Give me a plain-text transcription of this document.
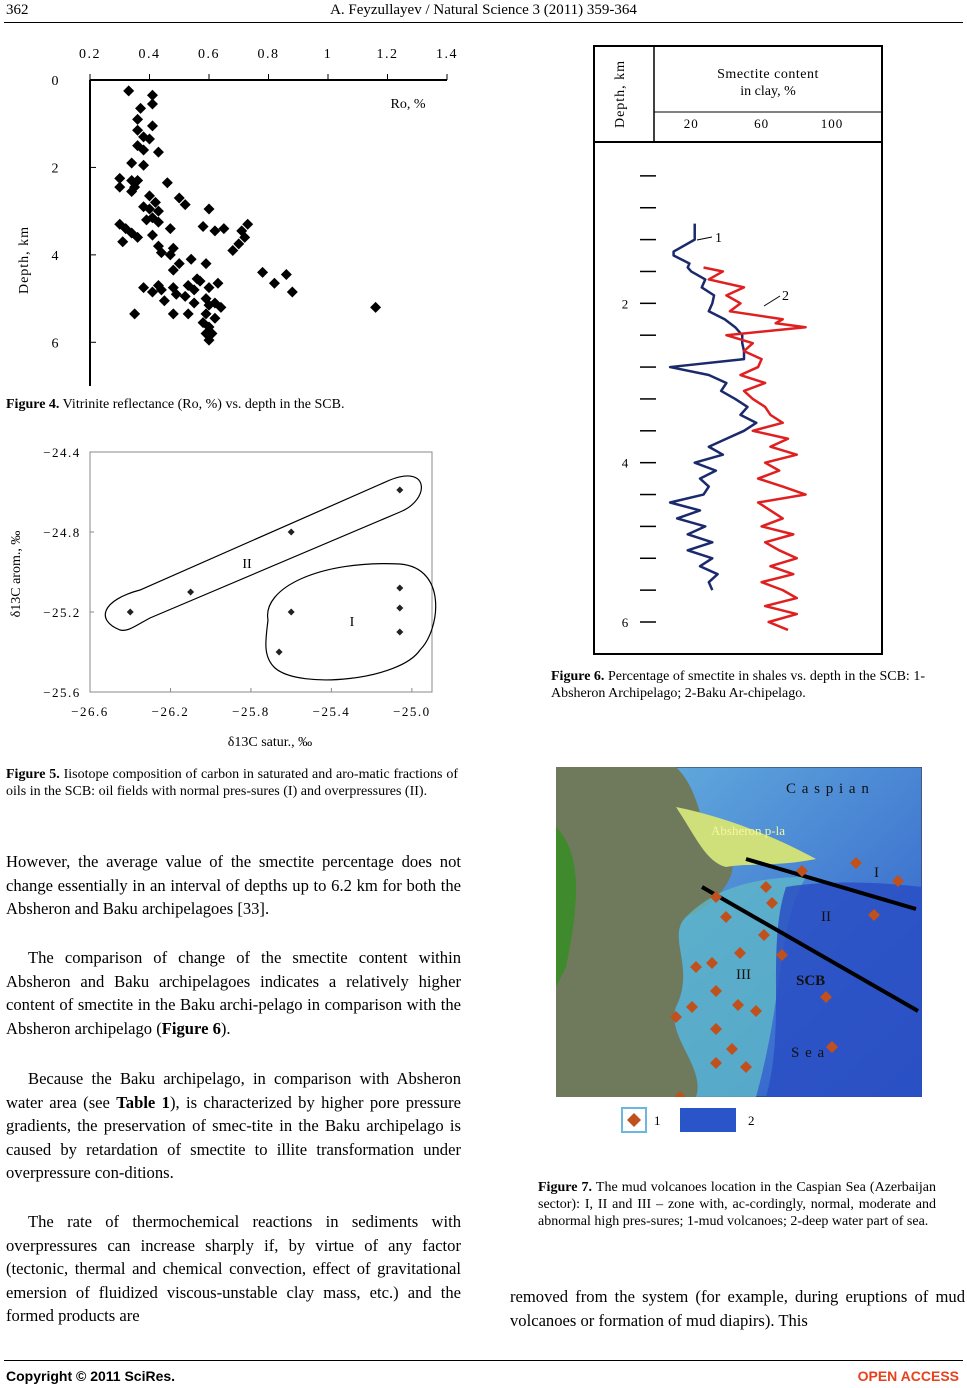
362	A. Feyzullayev / Natural Science 3 (2011) 359-364
0.2	0.4	0.6	0.8	1	1.2	1.4
0
2
4
6
Ro, %
Depth, km
Figure 4. Vitrinite reflectance (Ro, %) vs. depth in the SCB.
−26.6	−26.2	−25.8	−25.4	−25.0
−24.4
−24.8
−25.2
−25.6
δ13C satur., ‰
δ13C arom., ‰	II
I
Figure 5. Iisotope composition of carbon in saturated and aro-matic fractions of oils in the SCB: oil fields with normal pres-sures (I) and overpressures (II).
However, the average value of the smectite percentage does not change essentially in an interval of depths up to 6.2 km for both the Absheron and Baku archipelagoes [33].
The comparison of change of the smectite content within Absheron and Baku archipelagoes indicates a relatively higher content of smectite in the Baku archi-pelago in comparison with the Absheron archipelago (Figure 6).
Because the Baku archipelago, in comparison with Absheron water area (see Table 1), is characterized by higher pore pressure gradients, the preservation of smec-tite in the Baku archipelago is caused by retardation of smectite to illite transformation under overpressure con-ditions.
The rate of thermochemical reactions in sediments with overpressures can increase sharply if, by virtue of any factor (tectonic, thermal and chemical convection, effect of gravitational emersion of fluidized viscous-unstable clay mass, etc.) and the formed products are
Depth, km	Smectite content
in clay, %
20	60	100
2
4
6
1
2
Figure 6. Percentage of smectite in shales vs. depth in the SCB: 1-Absheron Archipelago; 2-Baku Ar-chipelago.
C a s p i a n
Absheron p-la
I
II
III	SCB
S e a
1	2
Figure 7. The mud volcanoes location in the Caspian Sea (Azerbaijan sector): I, II and III – zone with, ac-cordingly, normal, moderate and abnormal high pres-sures; 1-mud volcanoes; 2-deep water part of sea.
removed from the system (for example, during eruptions of mud volcanoes or formation of mud diapirs). This
Copyright © 2011 SciRes.	OPEN ACCESS
